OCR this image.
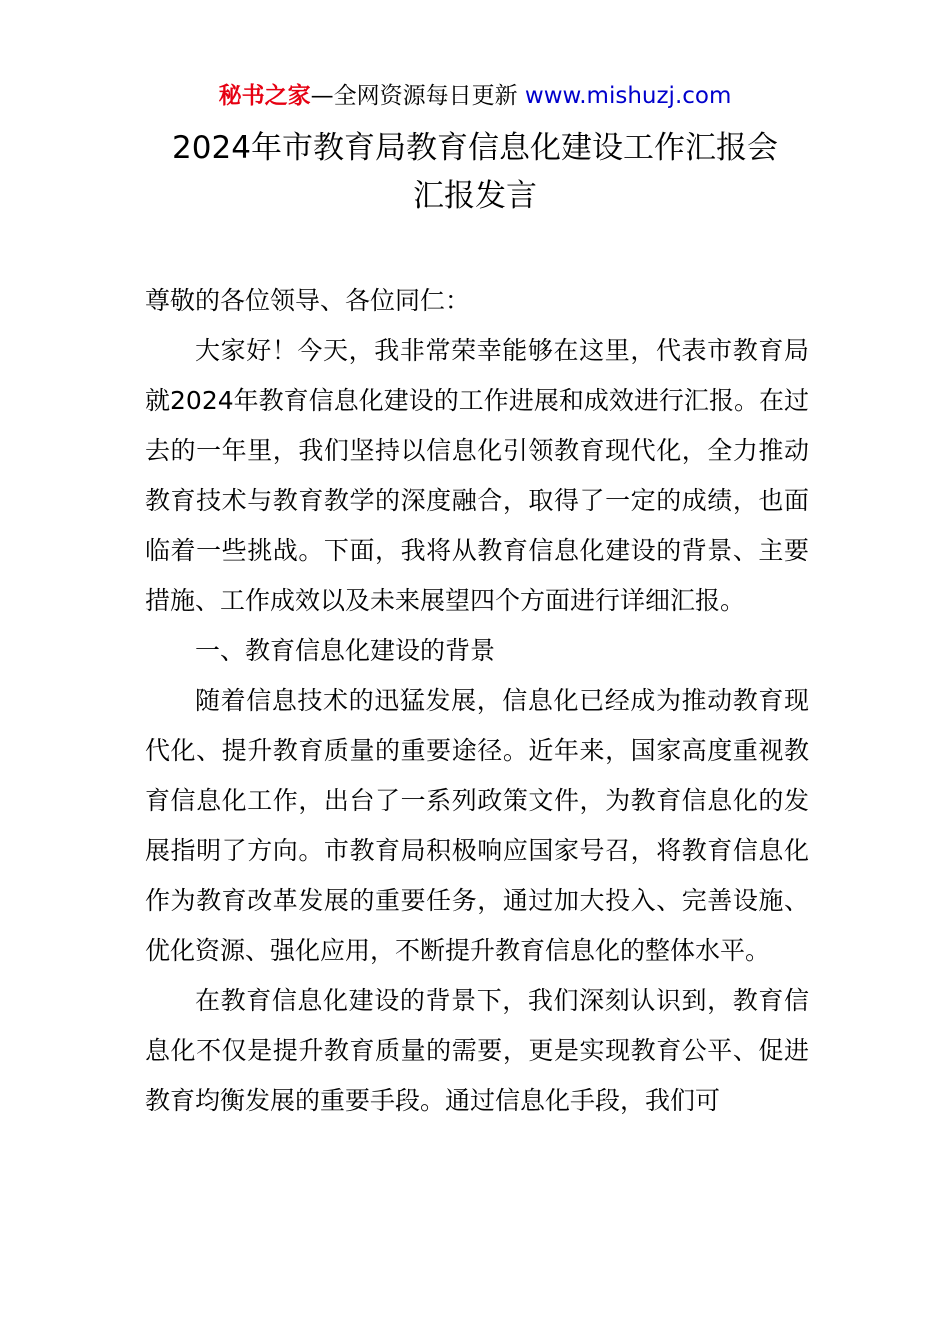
秘书之家—全网资源每日更新 www.mishuzj.com
2024年市教育局教育信息化建设工作汇报会
汇报发言

尊敬的各位领导、各位同仁：

大家好！今天，我非常荣幸能够在这里，代表市教育局就2024年教育信息化建设的工作进展和成效进行汇报。在过去的一年里，我们坚持以信息化引领教育现代化，全力推动教育技术与教育教学的深度融合，取得了一定的成绩，也面临着一些挑战。下面，我将从教育信息化建设的背景、主要措施、工作成效以及未来展望四个方面进行详细汇报。

一、教育信息化建设的背景

随着信息技术的迅猛发展，信息化已经成为推动教育现代化、提升教育质量的重要途径。近年来，国家高度重视教育信息化工作，出台了一系列政策文件，为教育信息化的发展指明了方向。市教育局积极响应国家号召，将教育信息化作为教育改革发展的重要任务，通过加大投入、完善设施、优化资源、强化应用，不断提升教育信息化的整体水平。

在教育信息化建设的背景下，我们深刻认识到，教育信息化不仅是提升教育质量的需要，更是实现教育公平、促进教育均衡发展的重要手段。通过信息化手段，我们可
